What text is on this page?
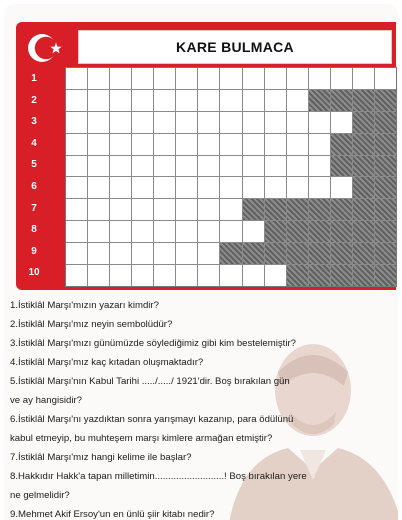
KARE BULMACA
1
2
3
4
5
6
7
8
9
10
1.İstiklâl Marşı'mızın yazarı kimdir?
2.İstiklâl Marşı'mız neyin sembolüdür?
3.İstiklâl Marşı'mızı günümüzde söylediğimiz gibi kim bestelemiştir?
4.İstiklâl Marşı'mız kaç kıtadan oluşmaktadır?
5.İstiklâl Marşı'nın Kabul Tarihi ...../...../ 1921'dir. Boş bırakılan gün
ve ay hangisidir?
6.İstiklâl Marşı'nı yazdıktan sonra yarışmayı kazanıp, para ödülünü
kabul etmeyip, bu muhteşem marşı kimlere armağan etmiştir?
7.İstiklâl Marşı'mız hangi kelime ile başlar?
8.Hakkıdır Hakk'a tapan milletimin..........................! Boş bırakılan yere
ne gelmelidir?
9.Mehmet Akif Ersoy'un en ünlü şiir kitabı nedir?
